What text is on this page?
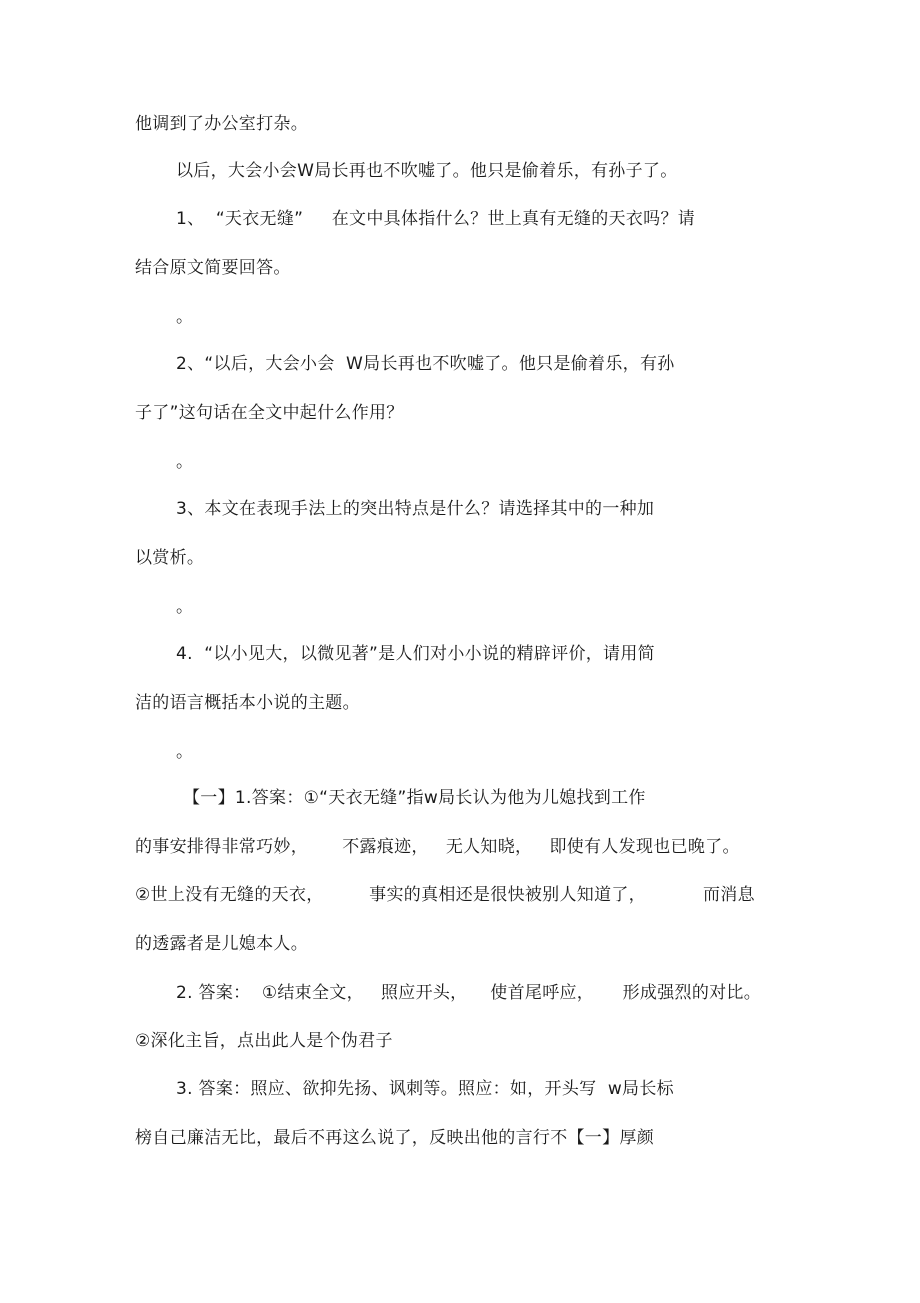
他调到了办公室打杂。
以后，大会小会W局长再也不吹嘘了。他只是偷着乐，有孙子了。
1、  “天衣无缝”     在文中具体指什么？世上真有无缝的天衣吗？请
结合原文简要回答。
。
2、“以后，大会小会  W局长再也不吹嘘了。他只是偷着乐，有孙
子了”这句话在全文中起什么作用？
。
3、本文在表现手法上的突出特点是什么？请选择其中的一种加
以赏析。
。
4.  “以小见大，以微见著”是人们对小小说的精辟评价，请用简
洁的语言概括本小说的主题。
。
【一】1.答案：①“天衣无缝”指w局长认为他为儿媳找到工作
的事安排得非常巧妙，      不露痕迹，   无人知晓，   即使有人发现也已晚了。
②世上没有无缝的天衣，        事实的真相还是很快被别人知道了，          而消息
的透露者是儿媳本人。
2. 答案：  ①结束全文，   照应开头，    使首尾呼应，     形成强烈的对比。
②深化主旨，点出此人是个伪君子
3. 答案：照应、欲抑先扬、讽刺等。照应：如，开头写  w局长标
榜自己廉洁无比，最后不再这么说了，反映出他的言行不【一】厚颜
